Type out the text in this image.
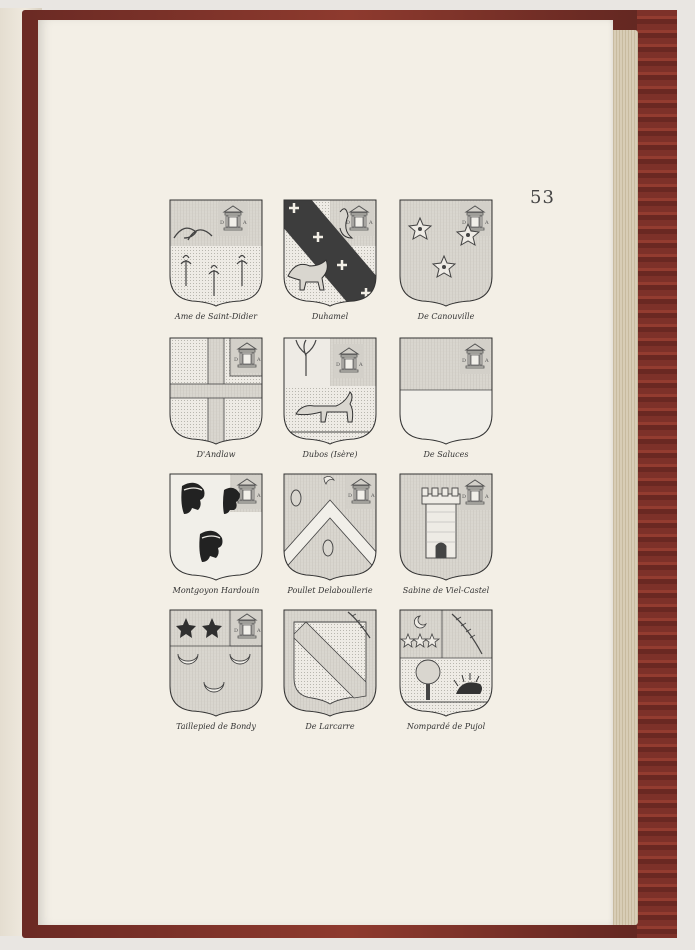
53
Ame de Saint-Didier	Duhamel	De Canouville
D'Andlaw	Dubos (Isère)	De Saluces
Montgoyon Hardouin	Poullet Delaboullerie	Sabine de Viel-Castel
Taillepied de Bondy	De Larcarre	Nompardé de Pujol
